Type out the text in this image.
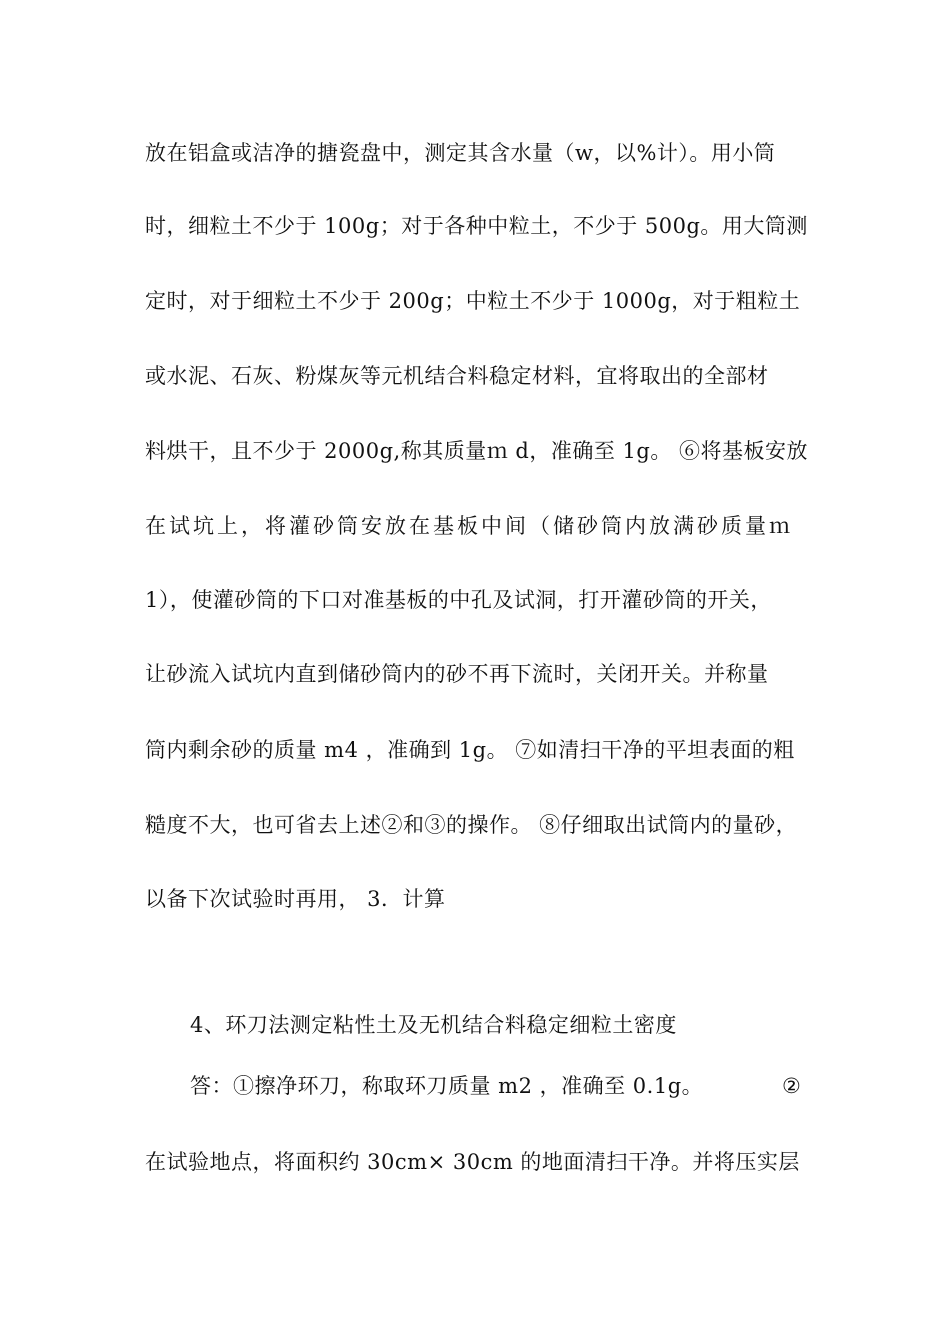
放在铝盒或洁净的搪瓷盘中，测定其含水量（w，以%计）。用小筒
时，细粒土不少于 100g；对于各种中粒土，不少于 500g。用大筒测
定时，对于细粒土不少于 200g；中粒土不少于 1000g，对于粗粒土
或水泥、石灰、粉煤灰等元机结合料稳定材料，宜将取出的全部材
料烘干，且不少于 2000g,称其质量ｍ d，准确至 1g。 ⑥将基板安放
在试坑上，将灌砂筒安放在基板中间（储砂筒内放满砂质量ｍ
1），使灌砂筒的下口对准基板的中孔及试洞，打开灌砂筒的开关，
让砂流入试坑内直到储砂筒内的砂不再下流时，关闭开关。并称量
筒内剩余砂的质量 m4 ，准确到 1g。 ⑦如清扫干净的平坦表面的粗
糙度不大，也可省去上述②和③的操作。 ⑧仔细取出试筒内的量砂，
以备下次试验时再用， 3．计算
4、环刀法测定粘性土及无机结合料稳定细粒土密度
答：①擦净环刀，称取环刀质量 m2 ，准确至 0.1g。	②
在试验地点，将面积约 30cm× 30cm 的地面清扫干净。并将压实层
